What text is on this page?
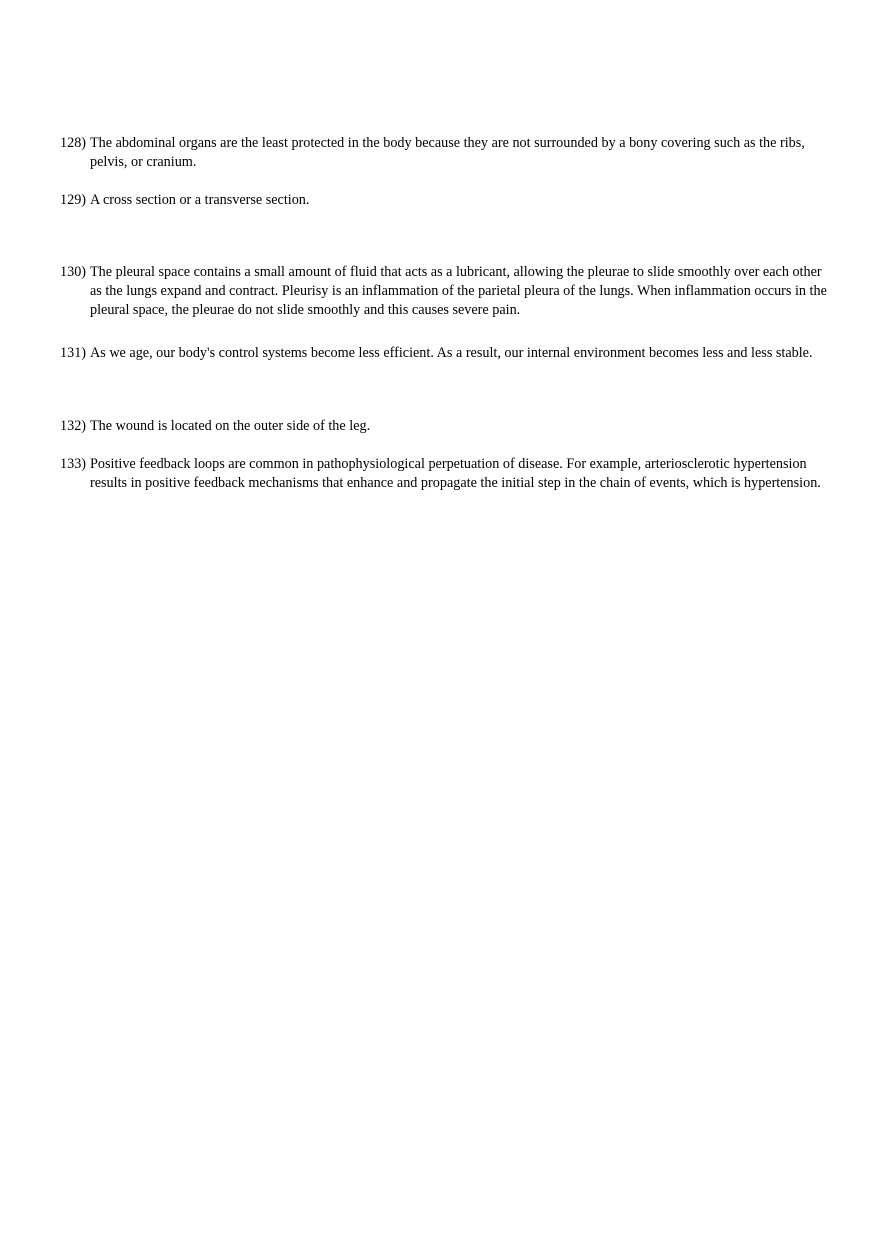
128) The abdominal organs are the least protected in the body because they are not surrounded by a bony covering such as the ribs, pelvis, or cranium.
129) A cross section or a transverse section.
130) The pleural space contains a small amount of fluid that acts as a lubricant, allowing the pleurae to slide smoothly over each other as the lungs expand and contract. Pleurisy is an inflammation of the parietal pleura of the lungs. When inflammation occurs in the pleural space, the pleurae do not slide smoothly and this causes severe pain.
131) As we age, our body's control systems become less efficient. As a result, our internal environment becomes less and less stable.
132) The wound is located on the outer side of the leg.
133) Positive feedback loops are common in pathophysiological perpetuation of disease. For example, arteriosclerotic hypertension results in positive feedback mechanisms that enhance and propagate the initial step in the chain of events, which is hypertension.
